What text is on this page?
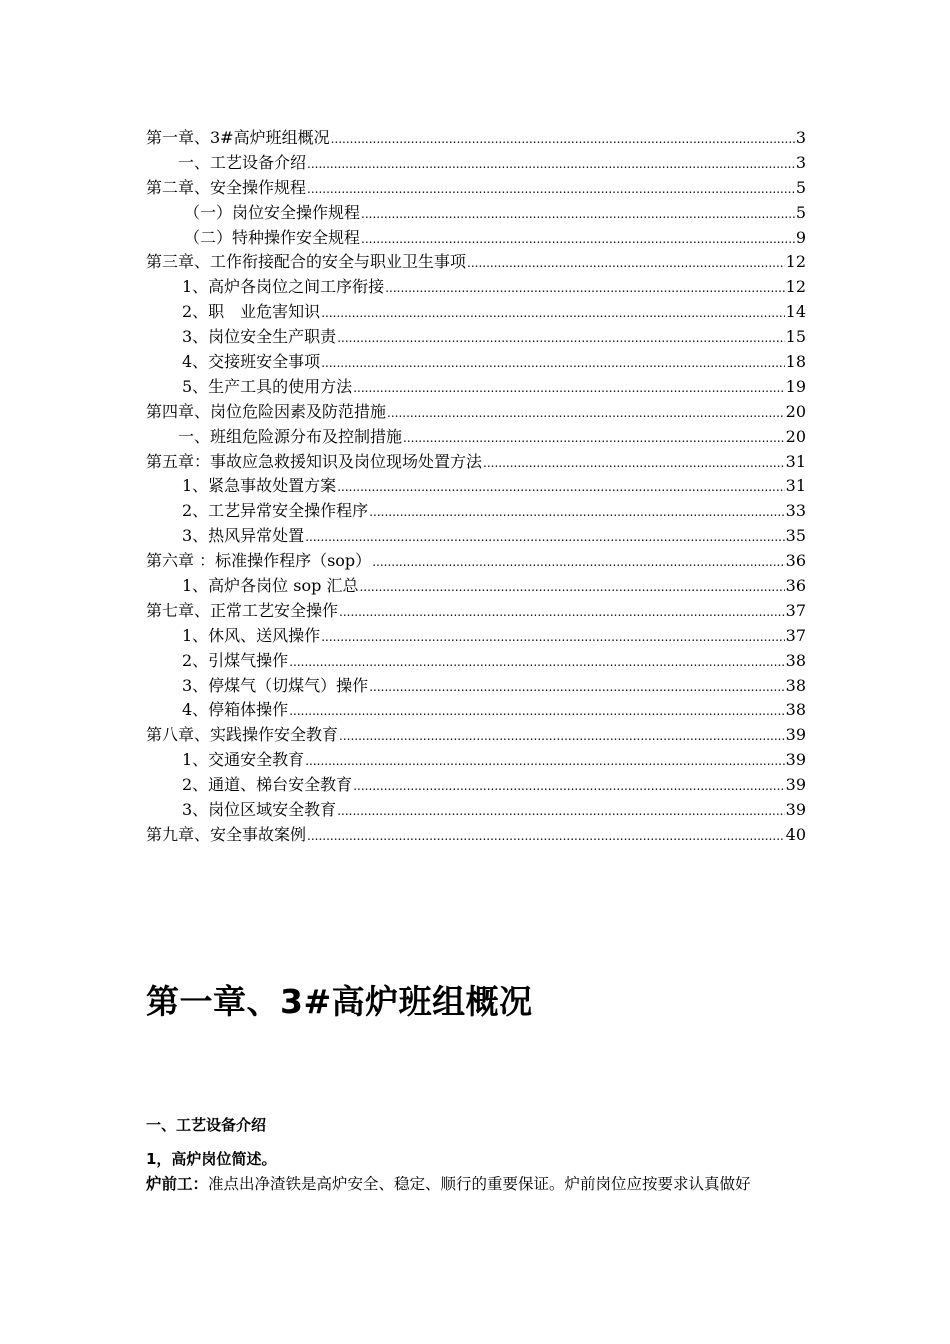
第一章、3#高炉班组概况 .....	3
一、工艺设备介绍 .....	3
第二章、安全操作规程 .....	5
（一）岗位安全操作规程 .....	5
（二）特种操作安全规程 .....	9
第三章、工作衔接配合的安全与职业卫生事项 .....	12
1、高炉各岗位之间工序衔接 .....	12
2、职　业危害知识 .....	14
3、岗位安全生产职责 .....	15
4、交接班安全事项 .....	18
5、生产工具的使用方法 .....	19
第四章、岗位危险因素及防范措施 .....	20
一、班组危险源分布及控制措施 .....	20
第五章：事故应急救援知识及岗位现场处置方法 .....	31
1、紧急事故处置方案 .....	31
2、工艺异常安全操作程序 .....	33
3、热风异常处置 .....	35
第六章 ：标准操作程序（sop） .....	36
1、高炉各岗位 sop 汇总 .....	36
第七章、正常工艺安全操作 .....	37
1、休风、送风操作 .....	37
2、引煤气操作 .....	38
3、停煤气（切煤气）操作 .....	38
4、停箱体操作 .....	38
第八章、实践操作安全教育 .....	39
1、交通安全教育 .....	39
2、通道、梯台安全教育 .....	39
3、岗位区域安全教育 .....	39
第九章、安全事故案例 .....	40
第一章、3#高炉班组概况
一、工艺设备介绍
1，高炉岗位简述。

炉前工：准点出净渣铁是高炉安全、稳定、顺行的重要保证。炉前岗位应按要求认真做好
